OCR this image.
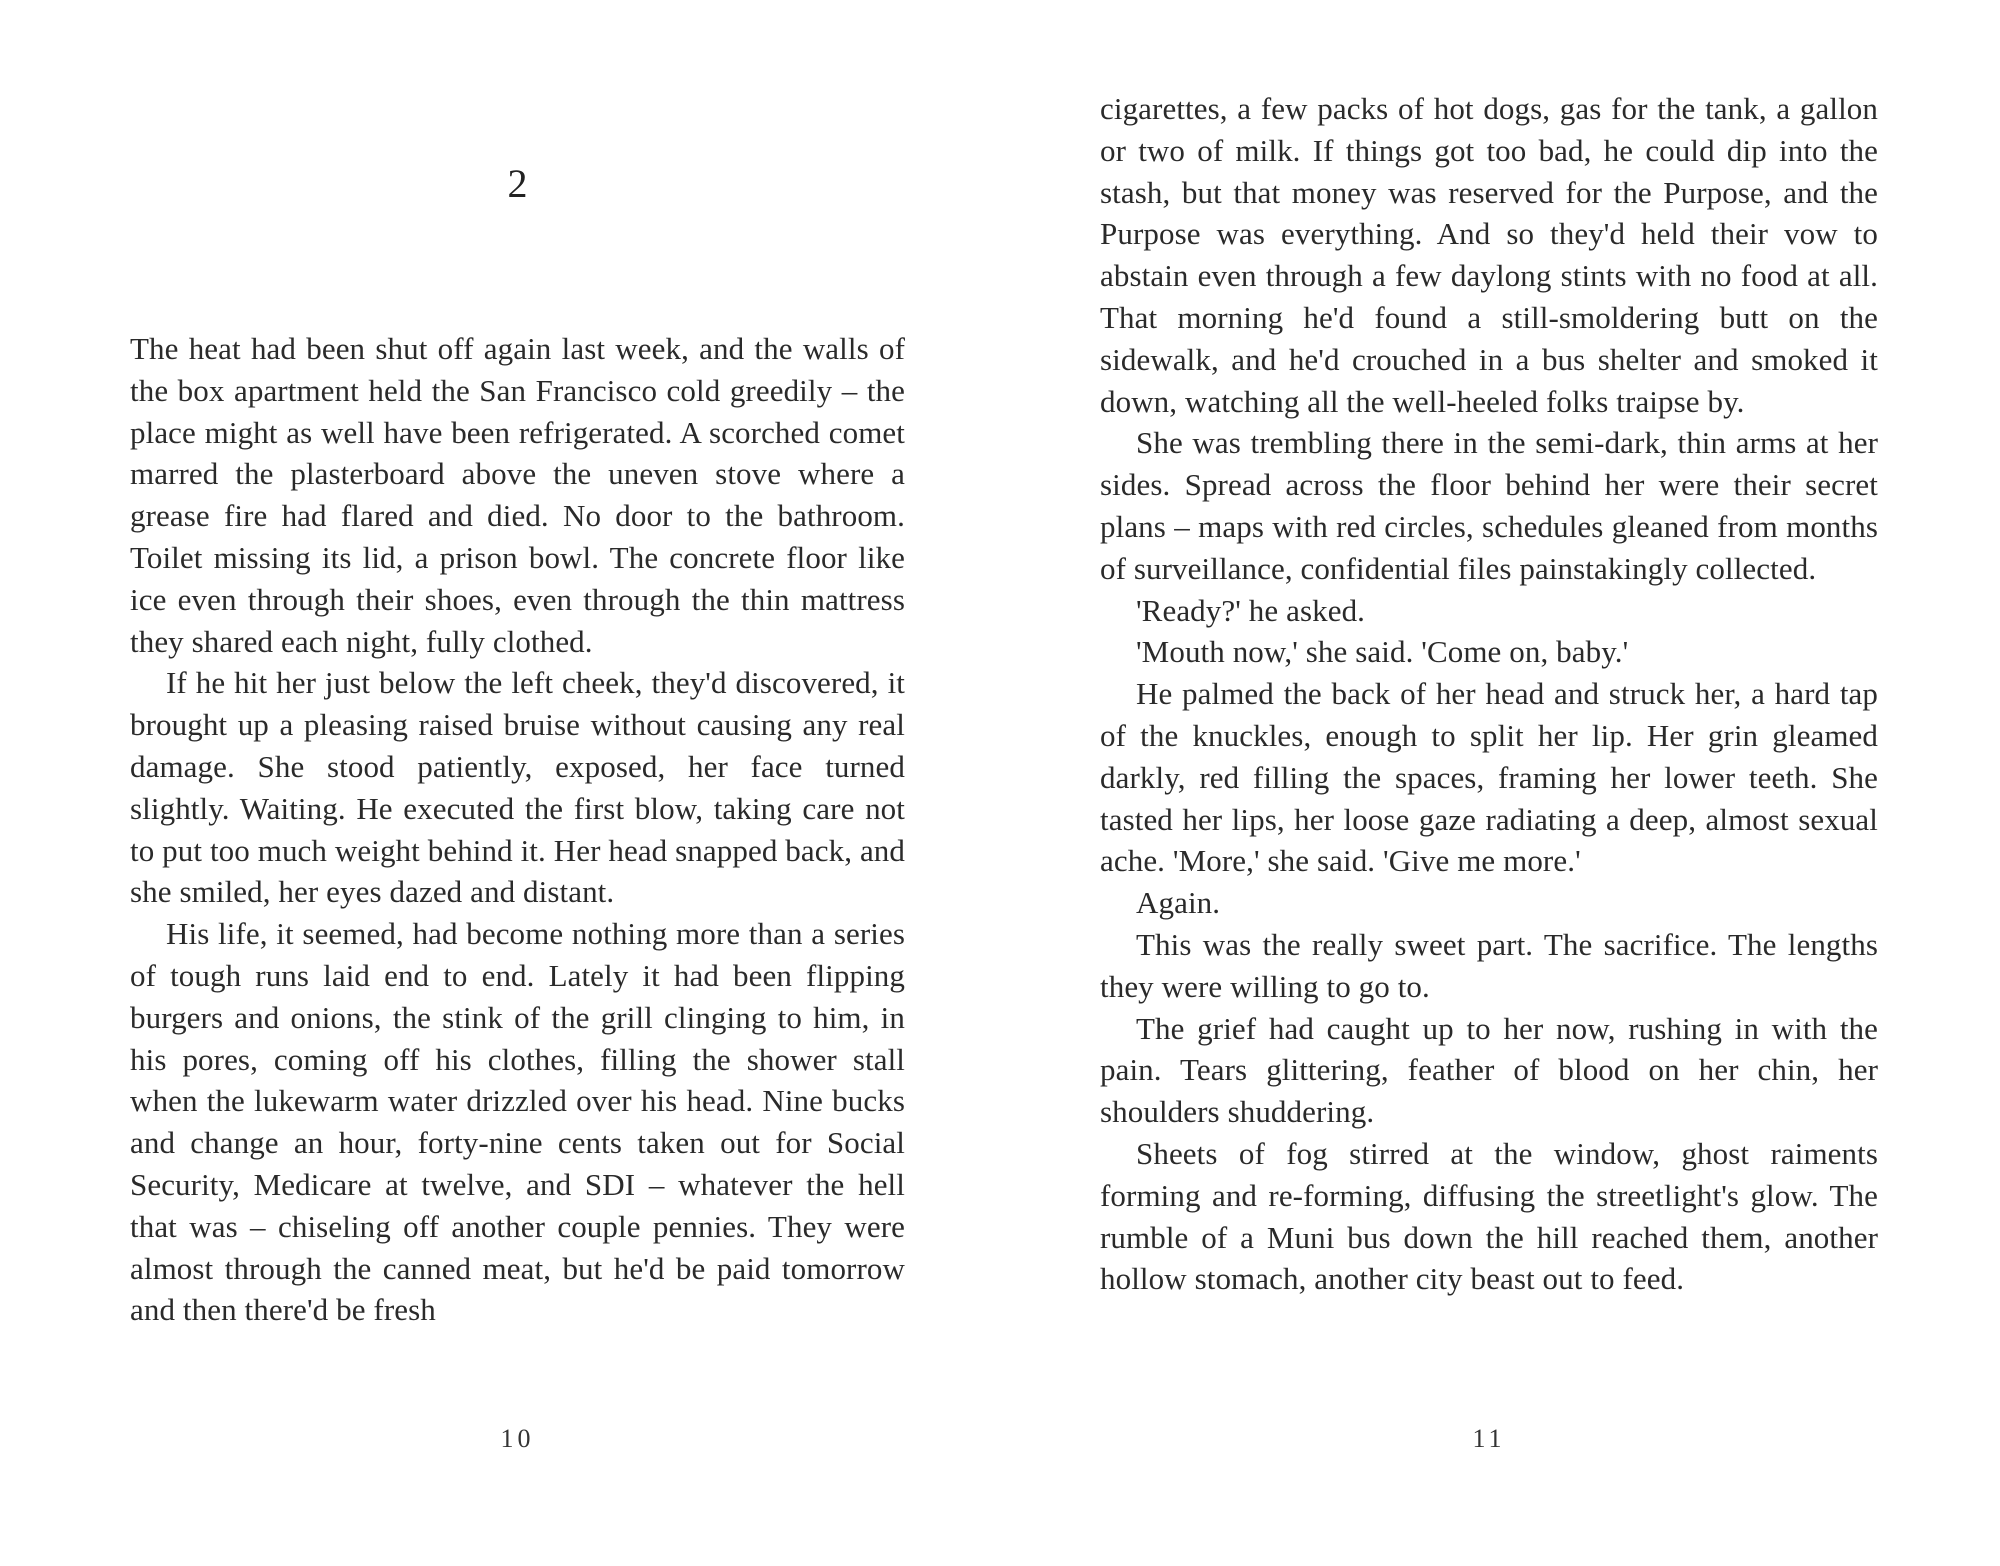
2

The heat had been shut off again last week, and the walls of the box apartment held the San Francisco cold greedily – the place might as well have been refrigerated. A scorched comet marred the plasterboard above the uneven stove where a grease fire had flared and died. No door to the bathroom. Toilet missing its lid, a prison bowl. The concrete floor like ice even through their shoes, even through the thin mattress they shared each night, fully clothed.

If he hit her just below the left cheek, they'd discovered, it brought up a pleasing raised bruise without causing any real damage. She stood patiently, exposed, her face turned slightly. Waiting. He executed the first blow, taking care not to put too much weight behind it. Her head snapped back, and she smiled, her eyes dazed and distant.

His life, it seemed, had become nothing more than a series of tough runs laid end to end. Lately it had been flipping burgers and onions, the stink of the grill clinging to him, in his pores, coming off his clothes, filling the shower stall when the lukewarm water drizzled over his head. Nine bucks and change an hour, forty-nine cents taken out for Social Security, Medicare at twelve, and SDI – whatever the hell that was – chiseling off another couple pennies. They were almost through the canned meat, but he'd be paid tomorrow and then there'd be fresh

10

cigarettes, a few packs of hot dogs, gas for the tank, a gallon or two of milk. If things got too bad, he could dip into the stash, but that money was reserved for the Purpose, and the Purpose was everything. And so they'd held their vow to abstain even through a few daylong stints with no food at all. That morning he'd found a still-smoldering butt on the sidewalk, and he'd crouched in a bus shelter and smoked it down, watching all the well-heeled folks traipse by.

She was trembling there in the semi-dark, thin arms at her sides. Spread across the floor behind her were their secret plans – maps with red circles, schedules gleaned from months of surveillance, confidential files painstakingly collected.

'Ready?' he asked.

'Mouth now,' she said. 'Come on, baby.'

He palmed the back of her head and struck her, a hard tap of the knuckles, enough to split her lip. Her grin gleamed darkly, red filling the spaces, framing her lower teeth. She tasted her lips, her loose gaze radiating a deep, almost sexual ache. 'More,' she said. 'Give me more.'

Again.

This was the really sweet part. The sacrifice. The lengths they were willing to go to.

The grief had caught up to her now, rushing in with the pain. Tears glittering, feather of blood on her chin, her shoulders shuddering.

Sheets of fog stirred at the window, ghost raiments forming and re-forming, diffusing the streetlight's glow. The rumble of a Muni bus down the hill reached them, another hollow stomach, another city beast out to feed.

11
